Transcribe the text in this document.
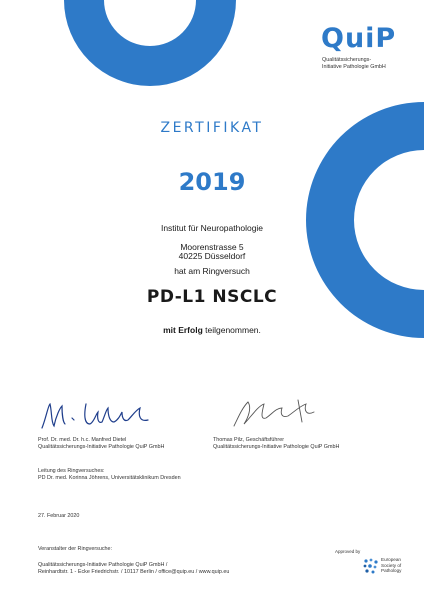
QuiP
Qualitätssicherungs-
Initiative Pathologie GmbH
ZERTIFIKAT
2019
Institut für Neuropathologie
Moorenstrasse 5
40225 Düsseldorf
hat am Ringversuch
PD-L1 NSCLC
mit Erfolg teilgenommen.
Prof. Dr. med. Dr. h.c. Manfred Dietel
Qualitätssicherungs-Initiative Pathologie QuiP GmbH
Thomas Pilz, Geschäftsführer
Qualitätssicherungs-Initiative Pathologie QuiP GmbH
Leitung des Ringversuches:
PD Dr. med. Korinna Jöhrens, Universitätsklinikum Dresden
27. Februar 2020
Veranstalter der Ringversuche:
Qualitätssicherungs-Initiative Pathologie QuiP GmbH /
Reinhardtstr. 1 - Ecke Friedrichstr. / 10117 Berlin / office@quip.eu / www.quip.eu
Approved by
European
Society of
Pathology
